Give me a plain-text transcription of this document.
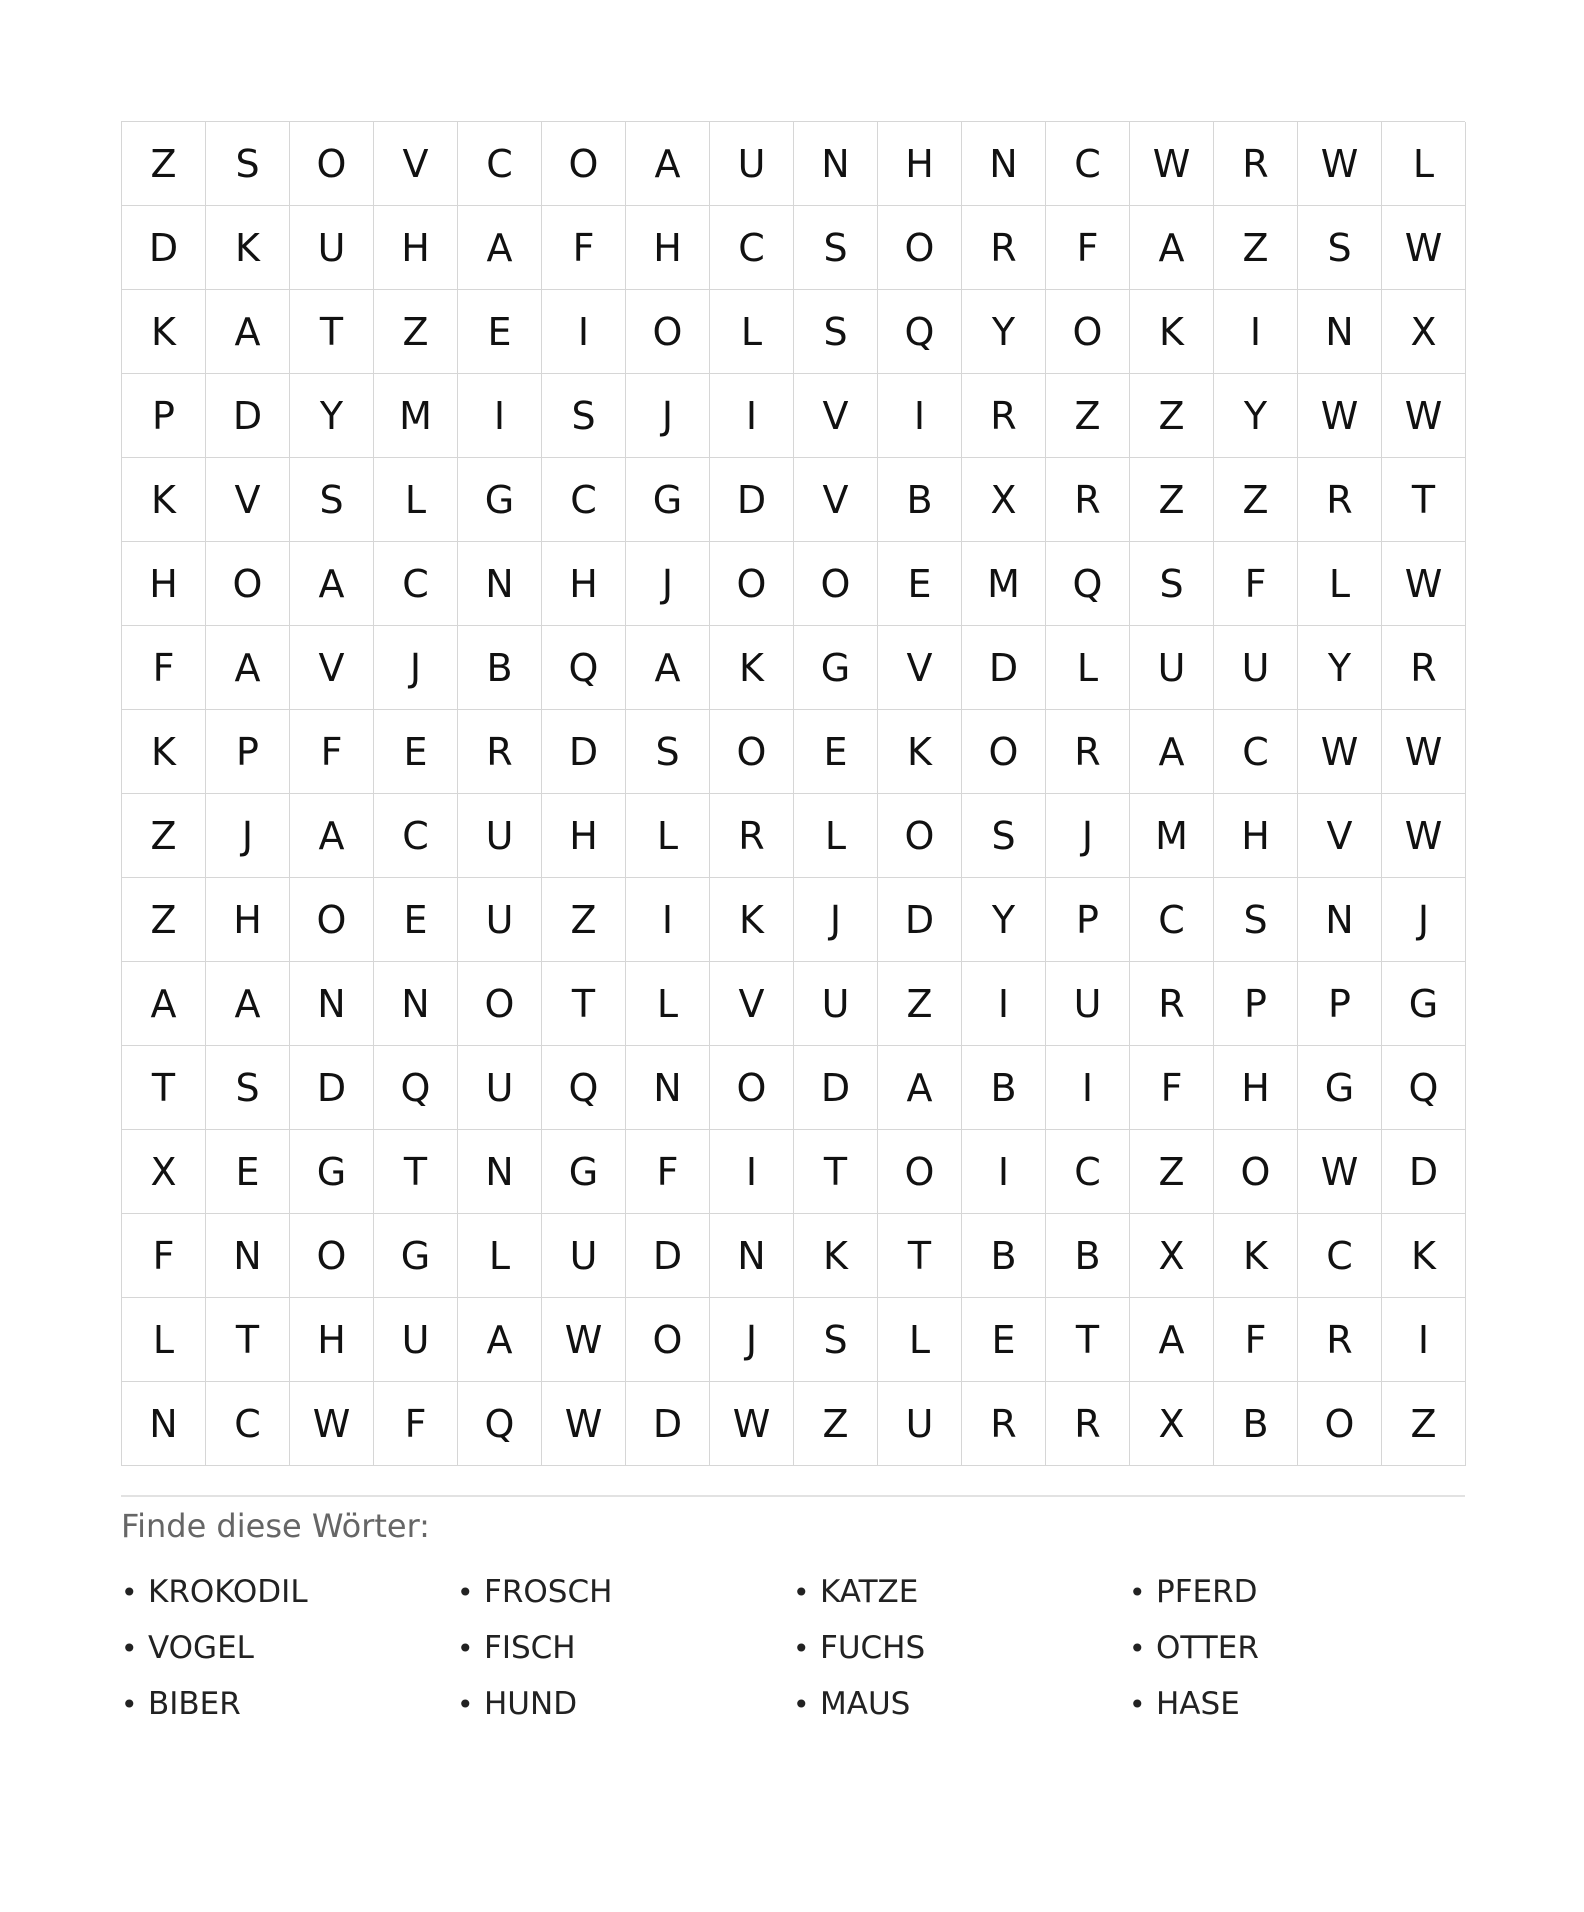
Z	S	O	V	C	O	A	U	N	H	N	C	W	R	W	L
D	K	U	H	A	F	H	C	S	O	R	F	A	Z	S	W
K	A	T	Z	E	I	O	L	S	Q	Y	O	K	I	N	X
P	D	Y	M	I	S	J	I	V	I	R	Z	Z	Y	W	W
K	V	S	L	G	C	G	D	V	B	X	R	Z	Z	R	T
H	O	A	C	N	H	J	O	O	E	M	Q	S	F	L	W
F	A	V	J	B	Q	A	K	G	V	D	L	U	U	Y	R
K	P	F	E	R	D	S	O	E	K	O	R	A	C	W	W
Z	J	A	C	U	H	L	R	L	O	S	J	M	H	V	W
Z	H	O	E	U	Z	I	K	J	D	Y	P	C	S	N	J
A	A	N	N	O	T	L	V	U	Z	I	U	R	P	P	G
T	S	D	Q	U	Q	N	O	D	A	B	I	F	H	G	Q
X	E	G	T	N	G	F	I	T	O	I	C	Z	O	W	D
F	N	O	G	L	U	D	N	K	T	B	B	X	K	C	K
L	T	H	U	A	W	O	J	S	L	E	T	A	F	R	I
N	C	W	F	Q	W	D	W	Z	U	R	R	X	B	O	Z
Finde diese Wörter:
• KROKODIL	• FROSCH	• KATZE	• PFERD
• VOGEL	• FISCH	• FUCHS	• OTTER
• BIBER	• HUND	• MAUS	• HASE
